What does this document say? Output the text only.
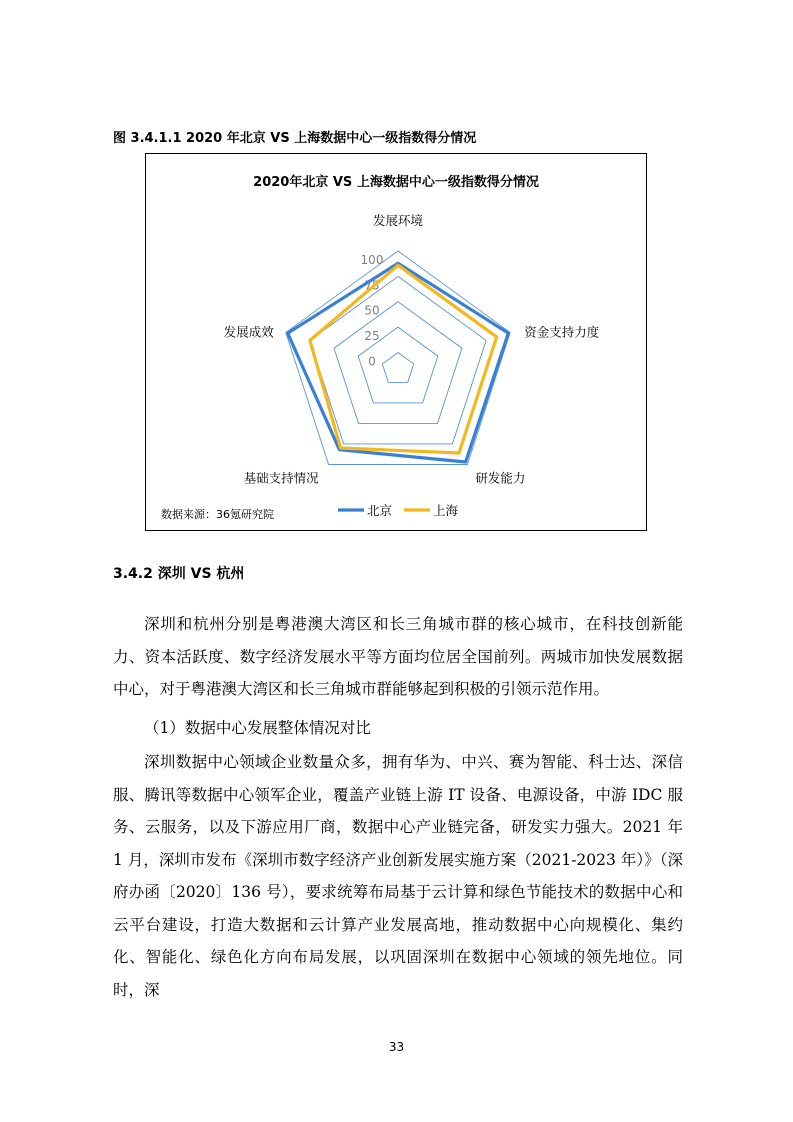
图 3.4.1.1 2020 年北京 VS 上海数据中心一级指数得分情况
2020年北京 VS 上海数据中心一级指数得分情况
0
25
50
75
100
发展环境
资金支持力度
研发能力
基础支持情况
发展成效
数据来源：36氪研究院	北京	上海
3.4.2 深圳 VS 杭州

深圳和杭州分别是粤港澳大湾区和长三角城市群的核心城市，在科技创新能力、资本活跃度、数字经济发展水平等方面均位居全国前列。两城市加快发展数据中心，对于粤港澳大湾区和长三角城市群能够起到积极的引领示范作用。

（1）数据中心发展整体情况对比

深圳数据中心领域企业数量众多，拥有华为、中兴、赛为智能、科士达、深信服、腾讯等数据中心领军企业，覆盖产业链上游 IT 设备、电源设备，中游 IDC 服务、云服务，以及下游应用厂商，数据中心产业链完备，研发实力强大。2021 年 1 月，深圳市发布《深圳市数字经济产业创新发展实施方案（2021-2023 年）》（深府办函〔2020〕136 号），要求统筹布局基于云计算和绿色节能技术的数据中心和云平台建设，打造大数据和云计算产业发展高地，推动数据中心向规模化、集约化、智能化、绿色化方向布局发展，以巩固深圳在数据中心领域的领先地位。同时，深

33
